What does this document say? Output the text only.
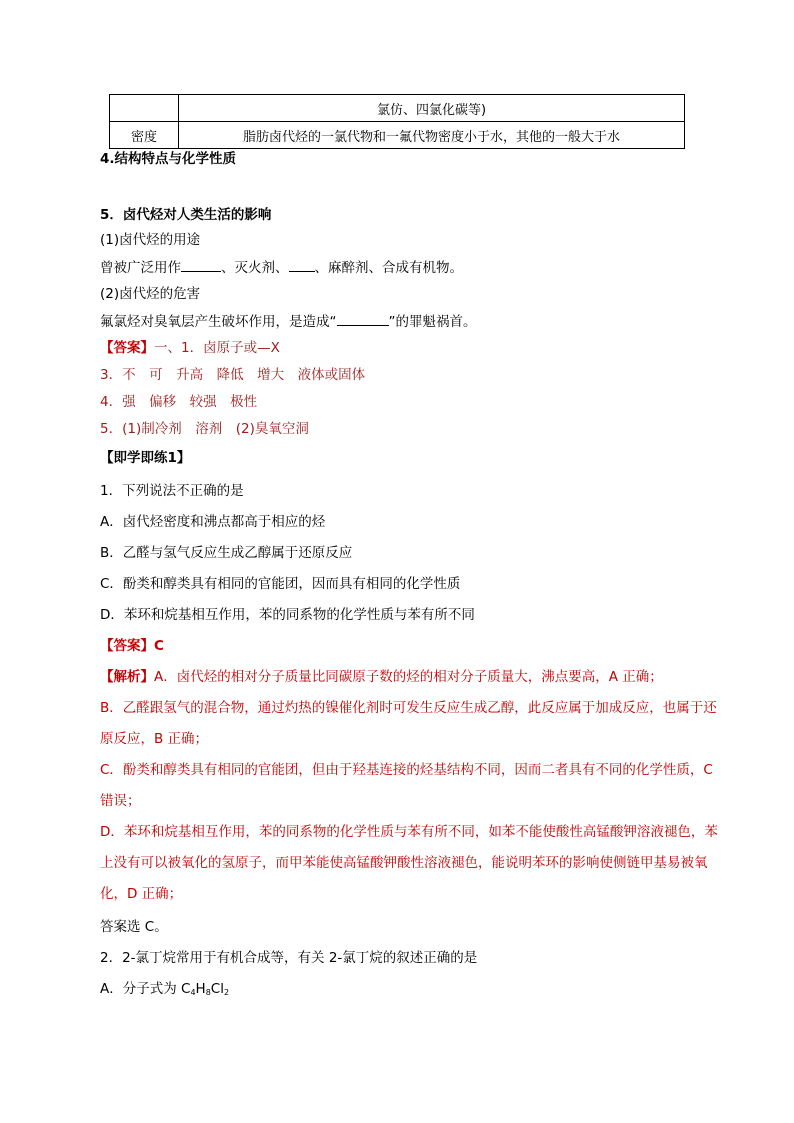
	氯仿、四氯化碳等)
密度	脂肪卤代烃的一氯代物和一氟代物密度小于水，其他的一般大于水
4.结构特点与化学性质
5．卤代烃对人类生活的影响
(1)卤代烃的用途
曾被广泛用作	、灭火剂、 、麻醉剂、合成有机物。
(2)卤代烃的危害
氟氯烃对臭氧层产生破坏作用，是造成“	”的罪魁祸首。
【答案】一、1．卤原子或—X
3．不　可　升高　降低　增大　液体或固体
4．强　偏移　较强　极性
5．(1)制冷剂　溶剂　(2)臭氧空洞
【即学即练1】
1．下列说法不正确的是
A．卤代烃密度和沸点都高于相应的烃
B．乙醛与氢气反应生成乙醇属于还原反应
C．酚类和醇类具有相同的官能团，因而具有相同的化学性质
D．苯环和烷基相互作用，苯的同系物的化学性质与苯有所不同
【答案】C
【解析】A．卤代烃的相对分子质量比同碳原子数的烃的相对分子质量大，沸点要高，A 正确；
B．乙醛跟氢气的混合物，通过灼热的镍催化剂时可发生反应生成乙醇，此反应属于加成反应，也属于还原反应，B 正确；
C．酚类和醇类具有相同的官能团，但由于羟基连接的烃基结构不同，因而二者具有不同的化学性质，C 错误；
D．苯环和烷基相互作用，苯的同系物的化学性质与苯有所不同，如苯不能使酸性高锰酸钾溶液褪色，苯上没有可以被氧化的氢原子，而甲苯能使高锰酸钾酸性溶液褪色，能说明苯环的影响使侧链甲基易被氧化，D 正确；
答案选 C。
2．2-氯丁烷常用于有机合成等，有关 2-氯丁烷的叙述正确的是
A．分子式为 $C_4H_8Cl_2$
